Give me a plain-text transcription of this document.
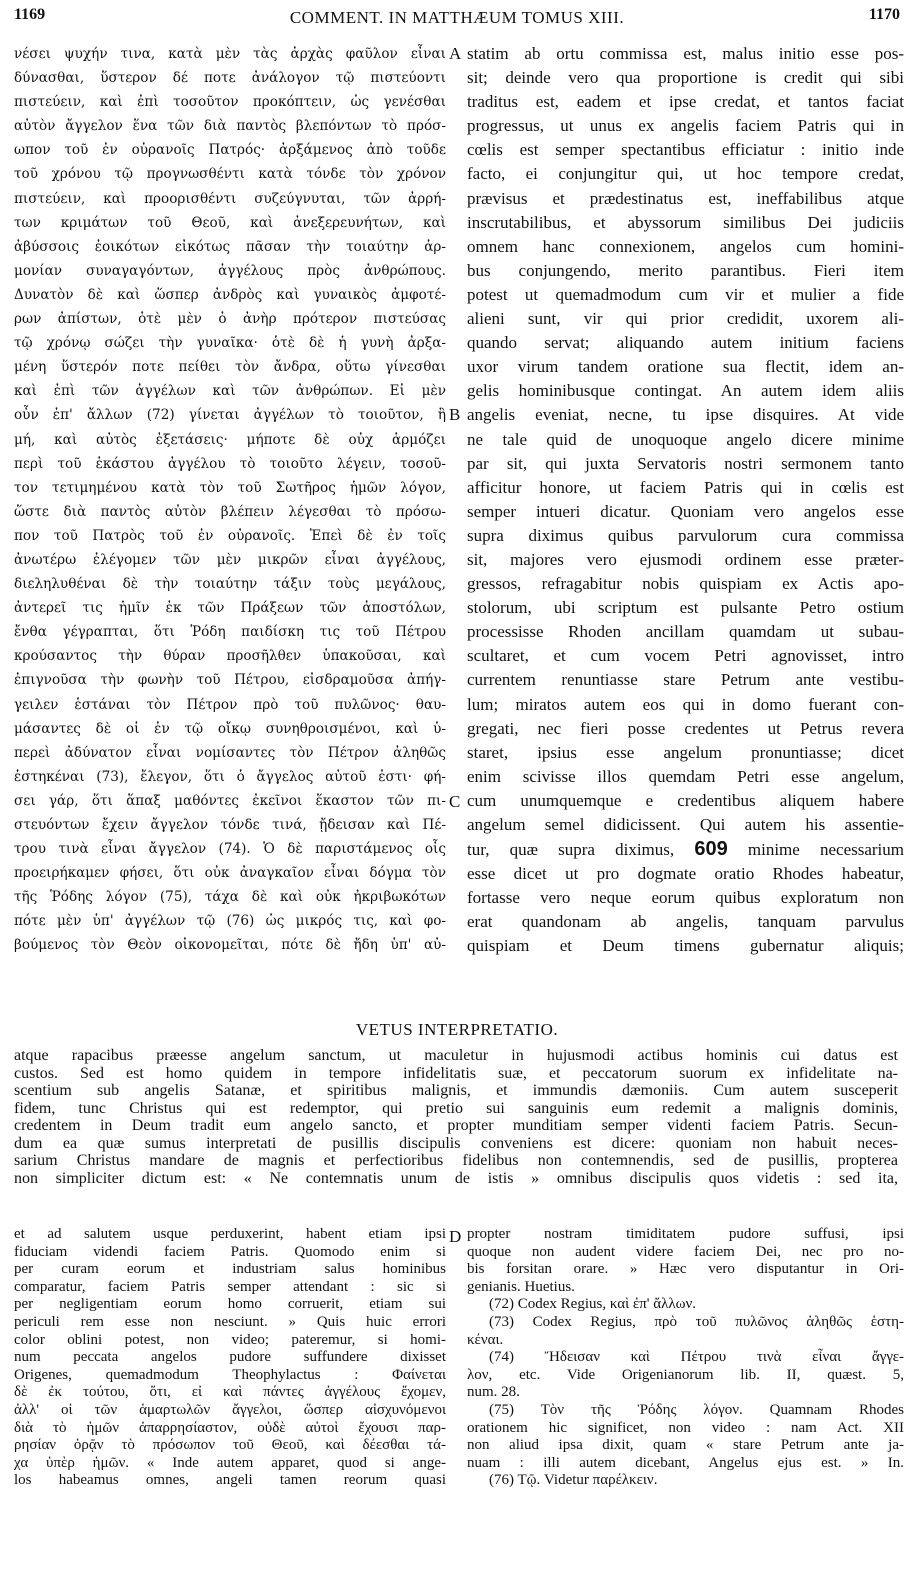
1169	COMMENT. IN MATTHÆUM TOMUS XIII.	1170
νέσει ψυχήν τινα, κατὰ μὲν τὰς ἀρχὰς φαῦλον εἶναι
δύνασθαι, ὕστερον δέ ποτε ἀνάλογον τῷ πιστεύοντι
πιστεύειν, καὶ ἐπὶ τοσοῦτον προκόπτειν, ὡς γενέσθαι
αὐτὸν ἄγγελον ἕνα τῶν διὰ παντὸς βλεπόντων τὸ πρόσ-
ωπον τοῦ ἐν οὐρανοῖς Πατρός· ἀρξάμενος ἀπὸ τοῦδε
τοῦ χρόνου τῷ προγνωσθέντι κατὰ τόνδε τὸν χρόνον
πιστεύειν, καὶ προορισθέντι συζεύγνυται, τῶν ἀρρή-
των κριμάτων τοῦ Θεοῦ, καὶ ἀνεξερευνήτων, καὶ
ἀβύσσοις ἐοικότων εἰκότως πᾶσαν τὴν τοιαύτην ἁρ-
μονίαν συναγαγόντων, ἀγγέλους πρὸς ἀνθρώπους.
Δυνατὸν δὲ καὶ ὥσπερ ἀνδρὸς καὶ γυναικὸς ἀμφοτέ-
ρων ἀπίστων, ὁτὲ μὲν ὁ ἀνὴρ πρότερον πιστεύσας
τῷ χρόνῳ σώζει τὴν γυναῖκα· ὁτὲ δὲ ἡ γυνὴ ἀρξα-
μένη ὕστερόν ποτε πείθει τὸν ἄνδρα, οὕτω γίνεσθαι
καὶ ἐπὶ τῶν ἀγγέλων καὶ τῶν ἀνθρώπων. Εἰ μὲν
οὖν ἐπ' ἄλλων (72) γίνεται ἀγγέλων τὸ τοιοῦτον, ἢ
μή, καὶ αὐτὸς ἐξετάσεις· μήποτε δὲ οὐχ ἁρμόζει
περὶ τοῦ ἑκάστου ἀγγέλου τὸ τοιοῦτο λέγειν, τοσοῦ-
τον τετιμημένου κατὰ τὸν τοῦ Σωτῆρος ἡμῶν λόγον,
ὥστε διὰ παντὸς αὐτὸν βλέπειν λέγεσθαι τὸ πρόσω-
πον τοῦ Πατρὸς τοῦ ἐν οὐρανοῖς. Ἐπεὶ δὲ ἐν τοῖς
ἀνωτέρω ἐλέγομεν τῶν μὲν μικρῶν εἶναι ἀγγέλους,
διεληλυθέναι δὲ τὴν τοιαύτην τάξιν τοὺς μεγάλους,
ἀντερεῖ τις ἡμῖν ἐκ τῶν Πράξεων τῶν ἀποστόλων,
ἔνθα γέγραπται, ὅτι Ῥόδη παιδίσκη τις τοῦ Πέτρου
κρούσαντος τὴν θύραν προσῆλθεν ὑπακοῦσαι, καὶ
ἐπιγνοῦσα τὴν φωνὴν τοῦ Πέτρου, εἰσδραμοῦσα ἀπήγ-
γειλεν ἑστάναι τὸν Πέτρον πρὸ τοῦ πυλῶνος· θαυ-
μάσαντες δὲ οἱ ἐν τῷ οἴκῳ συνηθροισμένοι, καὶ ὑ-
περεὶ ἀδύνατον εἶναι νομίσαντες τὸν Πέτρον ἀληθῶς
ἑστηκέναι (73), ἔλεγον, ὅτι ὁ ἄγγελος αὐτοῦ ἐστι· φή-
σει γάρ, ὅτι ἅπαξ μαθόντες ἐκεῖνοι ἕκαστον τῶν πι-
στευόντων ἔχειν ἄγγελον τόνδε τινά, ᾔδεισαν καὶ Πέ-
τρου τινὰ εἶναι ἄγγελον (74). Ὁ δὲ παριστάμενος οἷς
προειρήκαμεν φήσει, ὅτι οὐκ ἀναγκαῖον εἶναι δόγμα τὸν
τῆς Ῥόδης λόγον (75), τάχα δὲ καὶ οὐκ ἠκριβωκότων
πότε μὲν ὑπ' ἀγγέλων τῷ (76) ὡς μικρός τις, καὶ φο-
βούμενος τὸν Θεὸν οἰκονομεῖται, πότε δὲ ἤδη ὑπ' αὐ-
statim ab ortu commissa est, malus initio esse pos-
sit; deinde vero qua proportione is credit qui sibi
traditus est, eadem et ipse credat, et tantos faciat
progressus, ut unus ex angelis faciem Patris qui in
cœlis est semper spectantibus efficiatur : initio inde
facto, ei conjungitur qui, ut hoc tempore credat,
prævisus et prædestinatus est, ineffabilibus atque
inscrutabilibus, et abyssorum similibus Dei judiciis
omnem hanc connexionem, angelos cum homini-
bus conjungendo, merito parantibus. Fieri item
potest ut quemadmodum cum vir et mulier a fide
alieni sunt, vir qui prior credidit, uxorem ali-
quando servat; aliquando autem initium faciens
uxor virum tandem oratione sua flectit, idem an-
gelis hominibusque contingat. An autem idem aliis
angelis eveniat, necne, tu ipse disquires. At vide
ne tale quid de unoquoque angelo dicere minime
par sit, qui juxta Servatoris nostri sermonem tanto
afficitur honore, ut faciem Patris qui in cœlis est
semper intueri dicatur. Quoniam vero angelos esse
supra diximus quibus parvulorum cura commissa
sit, majores vero ejusmodi ordinem esse præter-
gressos, refragabitur nobis quispiam ex Actis apo-
stolorum, ubi scriptum est pulsante Petro ostium
processisse Rhoden ancillam quamdam ut subau-
scultaret, et cum vocem Petri agnovisset, intro
currentem renuntiasse stare Petrum ante vestibu-
lum; miratos autem eos qui in domo fuerant con-
gregati, nec fieri posse credentes ut Petrus revera
staret, ipsius esse angelum pronuntiasse; dicet
enim scivisse illos quemdam Petri esse angelum,
cum unumquemque e credentibus aliquem habere
angelum semel didicissent. Qui autem his assentie-
tur, quæ supra diximus, 609 minime necessarium
esse dicet ut pro dogmate oratio Rhodes habeatur,
fortasse vero neque eorum quibus exploratum non
erat quandonam ab angelis, tanquam parvulus
quispiam et Deum timens gubernatur aliquis;
A
B
C
D
VETUS INTERPRETATIO.
atque rapacibus præesse angelum sanctum, ut maculetur in hujusmodi actibus hominis cui datus est
custos. Sed est homo quidem in tempore infidelitatis suæ, et peccatorum suorum ex infidelitate na-
scentium sub angelis Satanæ, et spiritibus malignis, et immundis dæmoniis. Cum autem susceperit
fidem, tunc Christus qui est redemptor, qui pretio sui sanguinis eum redemit a malignis dominis,
credentem in Deum tradit eum angelo sancto, et propter munditiam semper videnti faciem Patris. Secun-
dum ea quæ sumus interpretati de pusillis discipulis conveniens est dicere: quoniam non habuit neces-
sarium Christus mandare de magnis et perfectioribus fidelibus non contemnendis, sed de pusillis, propterea
non simpliciter dictum est: « Ne contemnatis unum de istis » omnibus discipulis quos videtis : sed ita,
et ad salutem usque perduxerint, habent etiam ipsi
fiduciam videndi faciem Patris. Quomodo enim si
per curam eorum et industriam salus hominibus
comparatur, faciem Patris semper attendant : sic si
per negligentiam eorum homo corruerit, etiam sui
periculi rem esse non nesciunt. » Quis huic errori
color oblini potest, non video; pateremur, si homi-
num peccata angelos pudore suffundere dixisset
Origenes, quemadmodum Theophylactus : Φαίνεται
δὲ ἐκ τούτου, ὅτι, εἰ καὶ πάντες ἀγγέλους ἔχομεν,
ἀλλ' οἱ τῶν ἁμαρτωλῶν ἄγγελοι, ὥσπερ αἰσχυνόμενοι
διὰ τὸ ἡμῶν ἀπαρρησίαστον, οὐδὲ αὐτοὶ ἔχουσι παρ-
ρησίαν ὁρᾷν τὸ πρόσωπον τοῦ Θεοῦ, καὶ δέεσθαι τά-
χα ὑπὲρ ἡμῶν. « Inde autem apparet, quod si ange-
los habeamus omnes, angeli tamen reorum quasi
propter nostram timiditatem pudore suffusi, ipsi
quoque non audent videre faciem Dei, nec pro no-
bis forsitan orare. » Hæc vero disputantur in Ori-
genianis. Huetius.
(72) Codex Regius, καὶ ἐπ' ἄλλων.
(73) Codex Regius, πρὸ τοῦ πυλῶνος ἀληθῶς ἑστη-
κέναι.
(74) Ἤδεισαν καὶ Πέτρου τινὰ εἶναι ἄγγε-
λον, etc. Vide Origenianorum lib. II, quæst. 5,
num. 28.
(75) Τὸν τῆς Ῥόδης λόγον. Quamnam Rhodes
orationem hic significet, non video : nam Act. XII
non aliud ipsa dixit, quam « stare Petrum ante ja-
nuam : illi autem dicebant, Angelus ejus est. » In.
(76) Τῷ. Videtur παρέλκειν.
